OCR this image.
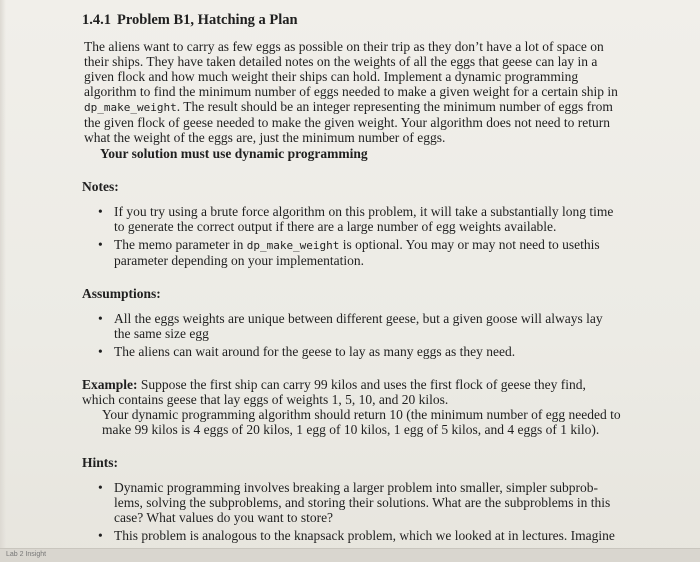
1.4.1 Problem B1, Hatching a Plan

The aliens want to carry as few eggs as possible on their trip as they don’t have a lot of space on their ships. They have taken detailed notes on the weights of all the eggs that geese can lay in a given flock and how much weight their ships can hold. Implement a dynamic programming algorithm to find the minimum number of eggs needed to make a given weight for a certain ship in dp_make_weight. The result should be an integer representing the minimum number of eggs from the given flock of geese needed to make the given weight. Your algorithm does not need to return what the weight of the eggs are, just the minimum number of eggs.

Your solution must use dynamic programming

Notes:
• If you try using a brute force algorithm on this problem, it will take a substantially long time to generate the correct output if there are a large number of egg weights available.
• The memo parameter in dp_make_weight is optional. You may or may not need to usethis parameter depending on your implementation.
Assumptions:
• All the eggs weights are unique between different geese, but a given goose will always lay the same size egg
• The aliens can wait around for the geese to lay as many eggs as they need.

Example: Suppose the first ship can carry 99 kilos and uses the first flock of geese they find, which contains geese that lay eggs of weights 1, 5, 10, and 20 kilos.

Your dynamic programming algorithm should return 10 (the minimum number of egg needed to make 99 kilos is 4 eggs of 20 kilos, 1 egg of 10 kilos, 1 egg of 5 kilos, and 4 eggs of 1 kilo).

Hints:
• Dynamic programming involves breaking a larger problem into smaller, simpler subprob-lems, solving the subproblems, and storing their solutions. What are the subproblems in this case? What values do you want to store?
• This problem is analogous to the knapsack problem, which we looked at in lectures. Imagine
Lab 2 Insight
